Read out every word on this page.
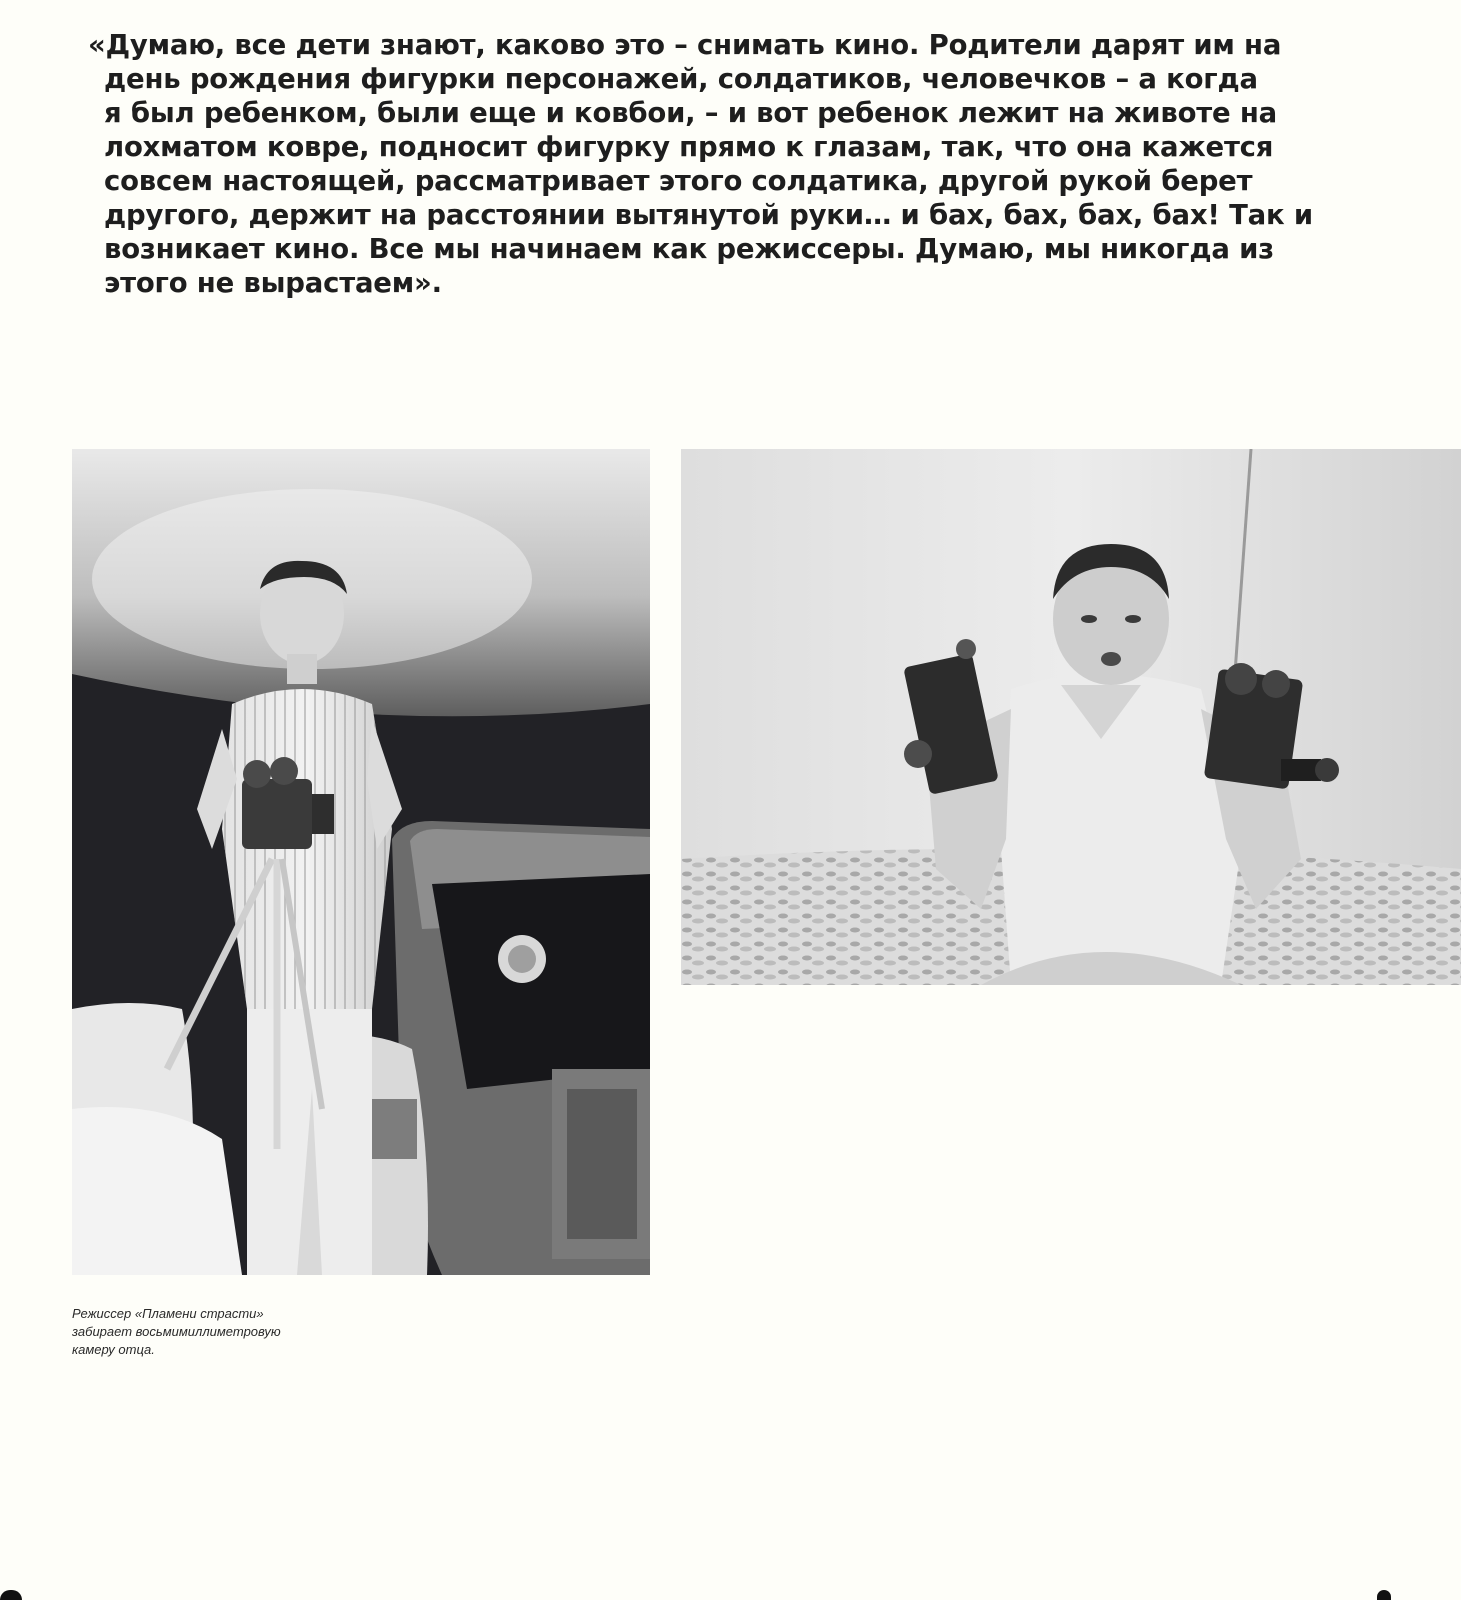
«Думаю, все дети знают, каково это – снимать кино. Родители дарят им на
день рождения фигурки персонажей, солдатиков, человечков – а когда
я был ребенком, были еще и ковбои, – и вот ребенок лежит на животе на
лохматом ковре, подносит фигурку прямо к глазам, так, что она кажется
совсем настоящей, рассматривает этого солдатика, другой рукой берет
другого, держит на расстоянии вытянутой руки… и бах, бах, бах, бах! Так и
возникает кино. Все мы начинаем как режиссеры. Думаю, мы никогда из
этого не вырастаем».

Режиссер «Пламени страсти»
забирает восьмимиллиметровую
камеру отца.
